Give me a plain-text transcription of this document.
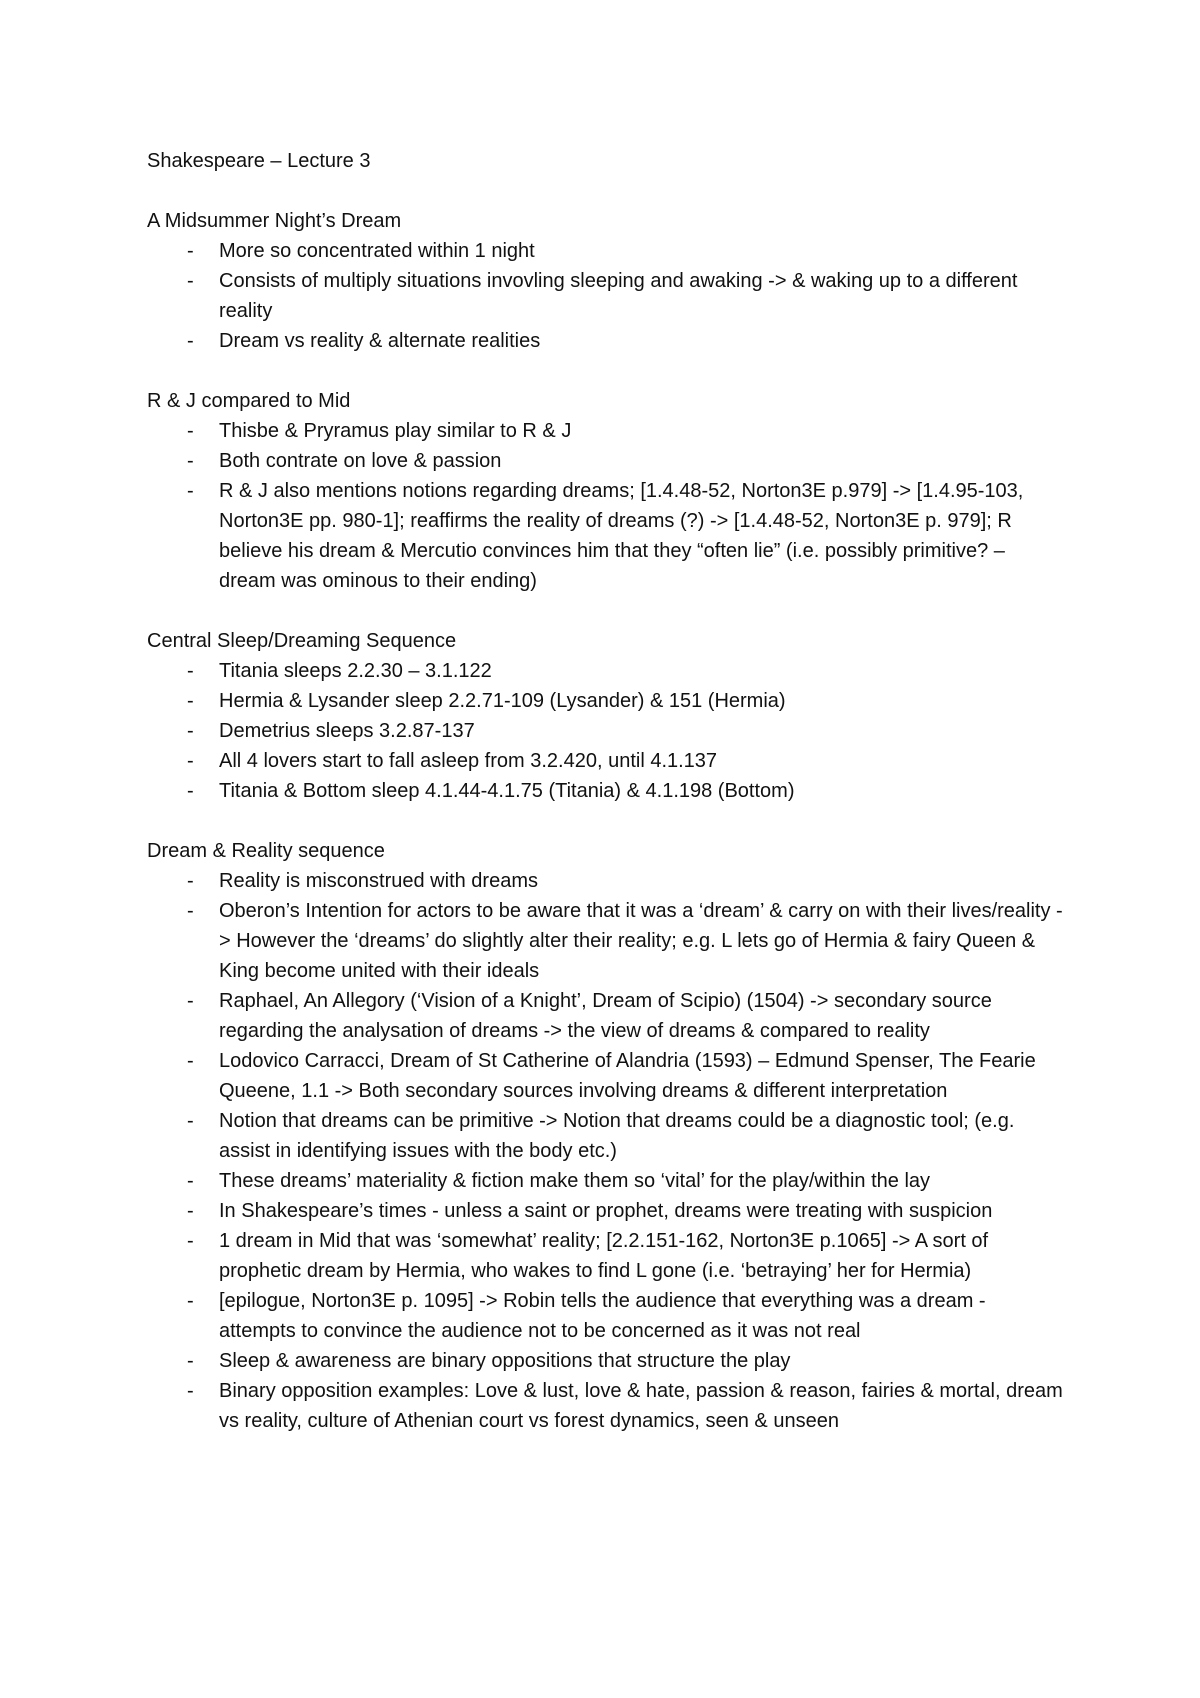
Shakespeare – Lecture 3

A Midsummer Night’s Dream

- More so concentrated within 1 night
- Consists of multiply situations invovling sleeping and awaking -> & waking up to a different reality
- Dream vs reality & alternate realities

R & J compared to Mid

- Thisbe & Pryramus play similar to R & J
- Both contrate on love & passion
- R & J also mentions notions regarding dreams; [1.4.48-52, Norton3E p.979] -> [1.4.95-103, Norton3E pp. 980-1]; reaffirms the reality of dreams (?) -> [1.4.48-52, Norton3E p. 979]; R believe his dream & Mercutio convinces him that they “often lie” (i.e. possibly primitive? – dream was ominous to their ending)

Central Sleep/Dreaming Sequence

- Titania sleeps 2.2.30 – 3.1.122
- Hermia & Lysander sleep 2.2.71-109 (Lysander) & 151 (Hermia)
- Demetrius sleeps 3.2.87-137
- All 4 lovers start to fall asleep from 3.2.420, until 4.1.137
- Titania & Bottom sleep 4.1.44-4.1.75 (Titania) & 4.1.198 (Bottom)

Dream & Reality sequence

- Reality is misconstrued with dreams
- Oberon’s Intention for actors to be aware that it was a ‘dream’ & carry on with their lives/reality -> However the ‘dreams’ do slightly alter their reality; e.g. L lets go of Hermia & fairy Queen & King become united with their ideals
- Raphael, An Allegory (‘Vision of a Knight’, Dream of Scipio) (1504) -> secondary source regarding the analysation of dreams -> the view of dreams & compared to reality
- Lodovico Carracci, Dream of St Catherine of Alandria (1593) – Edmund Spenser, The Fearie Queene, 1.1 -> Both secondary sources involving dreams & different interpretation
- Notion that dreams can be primitive -> Notion that dreams could be a diagnostic tool; (e.g. assist in identifying issues with the body etc.)
- These dreams’ materiality & fiction make them so ‘vital’ for the play/within the lay
- In Shakespeare’s times - unless a saint or prophet, dreams were treating with suspicion
- 1 dream in Mid that was ‘somewhat’ reality; [2.2.151-162, Norton3E p.1065] -> A sort of prophetic dream by Hermia, who wakes to find L gone (i.e. ‘betraying’ her for Hermia)
- [epilogue, Norton3E p. 1095] -> Robin tells the audience that everything was a dream - attempts to convince the audience not to be concerned as it was not real
- Sleep & awareness are binary oppositions that structure the play
- Binary opposition examples: Love & lust, love & hate, passion & reason, fairies & mortal, dream vs reality, culture of Athenian court vs forest dynamics, seen & unseen
